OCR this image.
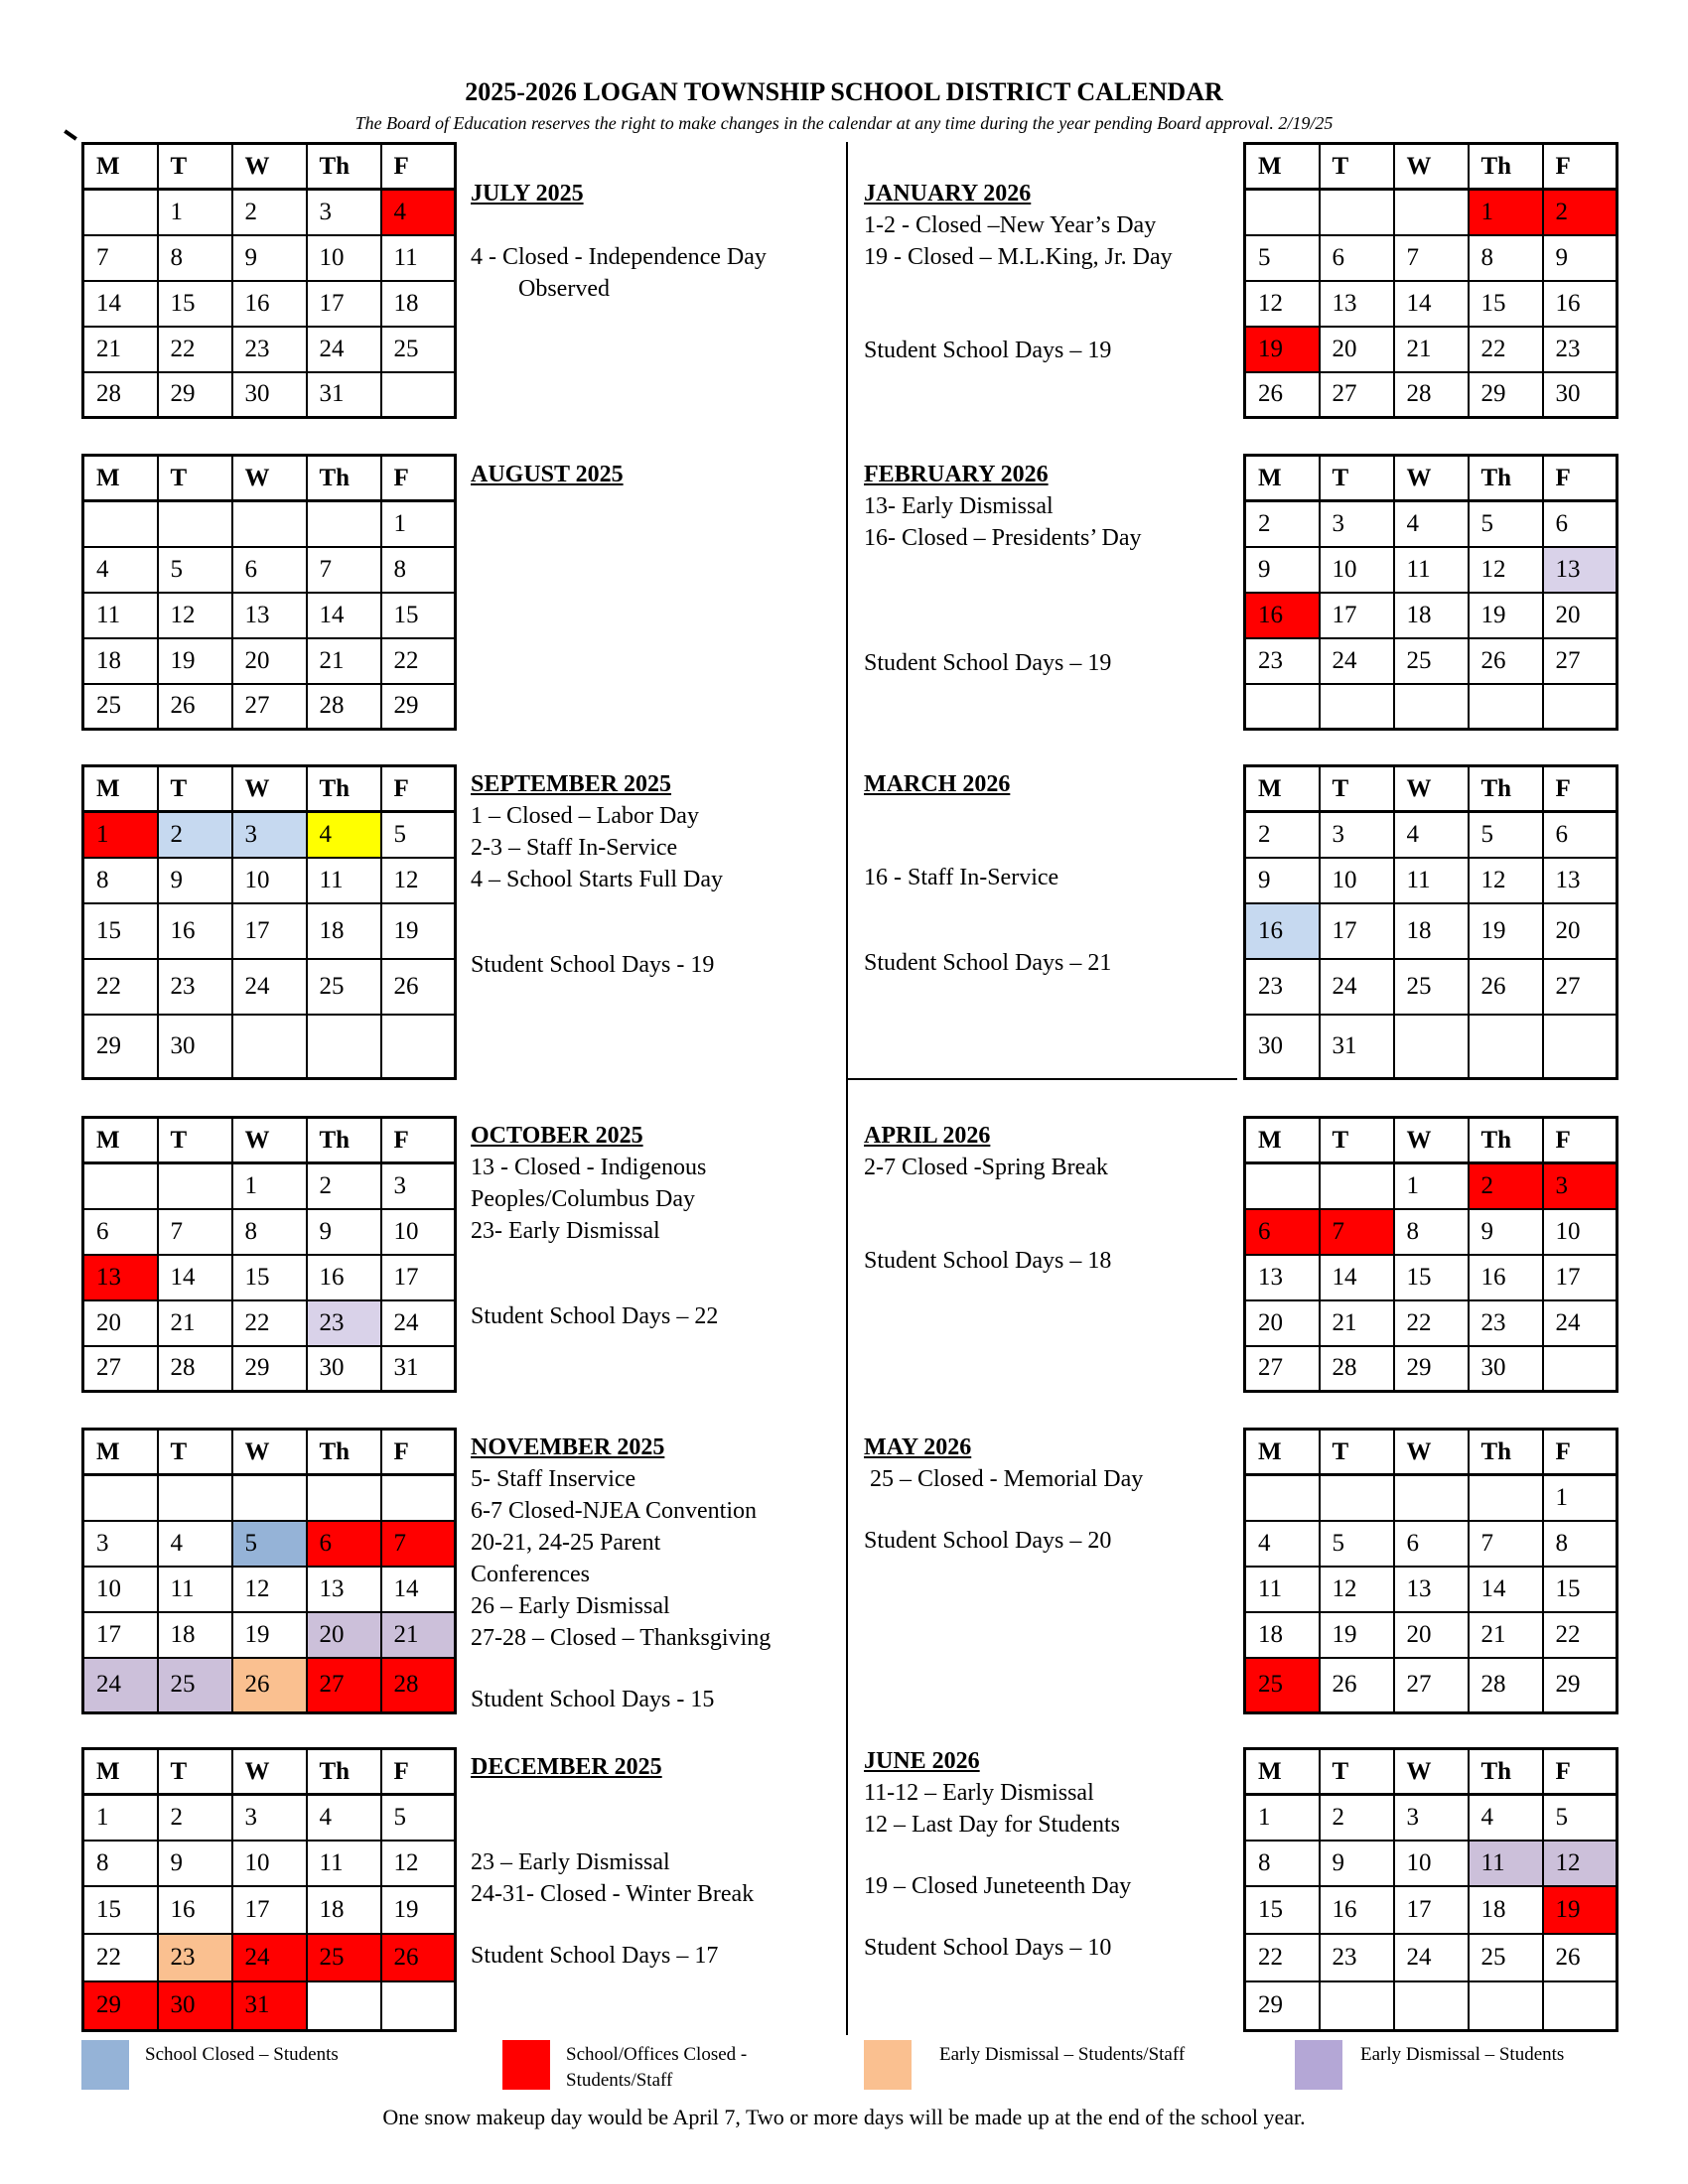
2025-2026 LOGAN TOWNSHIP SCHOOL DISTRICT CALENDAR
The Board of Education reserves the right to make changes in the calendar at any time during the year pending Board approval. 2/19/25
M	T	W	Th	F
	1	2	3	4
7	8	9	10	11
14	15	16	17	18
21	22	23	24	25
28	29	30	31	
M	T	W	Th	F
				1
4	5	6	7	8
11	12	13	14	15
18	19	20	21	22
25	26	27	28	29
M	T	W	Th	F
1	2	3	4	5
8	9	10	11	12
15	16	17	18	19
22	23	24	25	26
29	30			
M	T	W	Th	F
		1	2	3
6	7	8	9	10
13	14	15	16	17
20	21	22	23	24
27	28	29	30	31
M	T	W	Th	F

3	4	5	6	7
10	11	12	13	14
17	18	19	20	21
24	25	26	27	28
M	T	W	Th	F
1	2	3	4	5
8	9	10	11	12
15	16	17	18	19
22	23	24	25	26
29	30	31		
M	T	W	Th	F
			1	2
5	6	7	8	9
12	13	14	15	16
19	20	21	22	23
26	27	28	29	30
M	T	W	Th	F
2	3	4	5	6
9	10	11	12	13
16	17	18	19	20
23	24	25	26	27

M	T	W	Th	F
2	3	4	5	6
9	10	11	12	13
16	17	18	19	20
23	24	25	26	27
30	31			
M	T	W	Th	F
		1	2	3
6	7	8	9	10
13	14	15	16	17
20	21	22	23	24
27	28	29	30	
M	T	W	Th	F
				1
4	5	6	7	8
11	12	13	14	15
18	19	20	21	22
25	26	27	28	29
M	T	W	Th	F
1	2	3	4	5
8	9	10	11	12
15	16	17	18	19
22	23	24	25	26
29				

JULY 2025

4 - Closed - Independence Day

Observed

AUGUST 2025

SEPTEMBER 2025

1 – Closed – Labor Day

2-3 – Staff In-Service

4 – School Starts Full Day

Student School Days - 19

OCTOBER 2025

13 - Closed - Indigenous

Peoples/Columbus Day

23- Early Dismissal

Student School Days – 22

NOVEMBER 2025

5- Staff Inservice

6-7 Closed-NJEA Convention

20-21, 24-25 Parent

Conferences

26 – Early Dismissal

27-28 – Closed – Thanksgiving

Student School Days - 15

DECEMBER 2025

23 – Early Dismissal

24-31- Closed - Winter Break

Student School Days – 17

JANUARY 2026

1-2 - Closed –New Year’s Day

19 - Closed – M.L.King, Jr. Day

Student School Days – 19

FEBRUARY 2026

13- Early Dismissal

16- Closed – Presidents’ Day

Student School Days – 19

MARCH 2026

16 - Staff In-Service

Student School Days – 21

APRIL 2026

2-7 Closed -Spring Break

Student School Days – 18

MAY 2026

25 – Closed - Memorial Day

Student School Days – 20

JUNE 2026

11-12 – Early Dismissal

12 – Last Day for Students

19 – Closed Juneteenth Day

Student School Days – 10

School Closed – Students	School/Offices Closed -
Students/Staff
Early Dismissal – Students/Staff	Early Dismissal – Students
One snow makeup day would be April 7, Two or more days will be made up at the end of the school year.
